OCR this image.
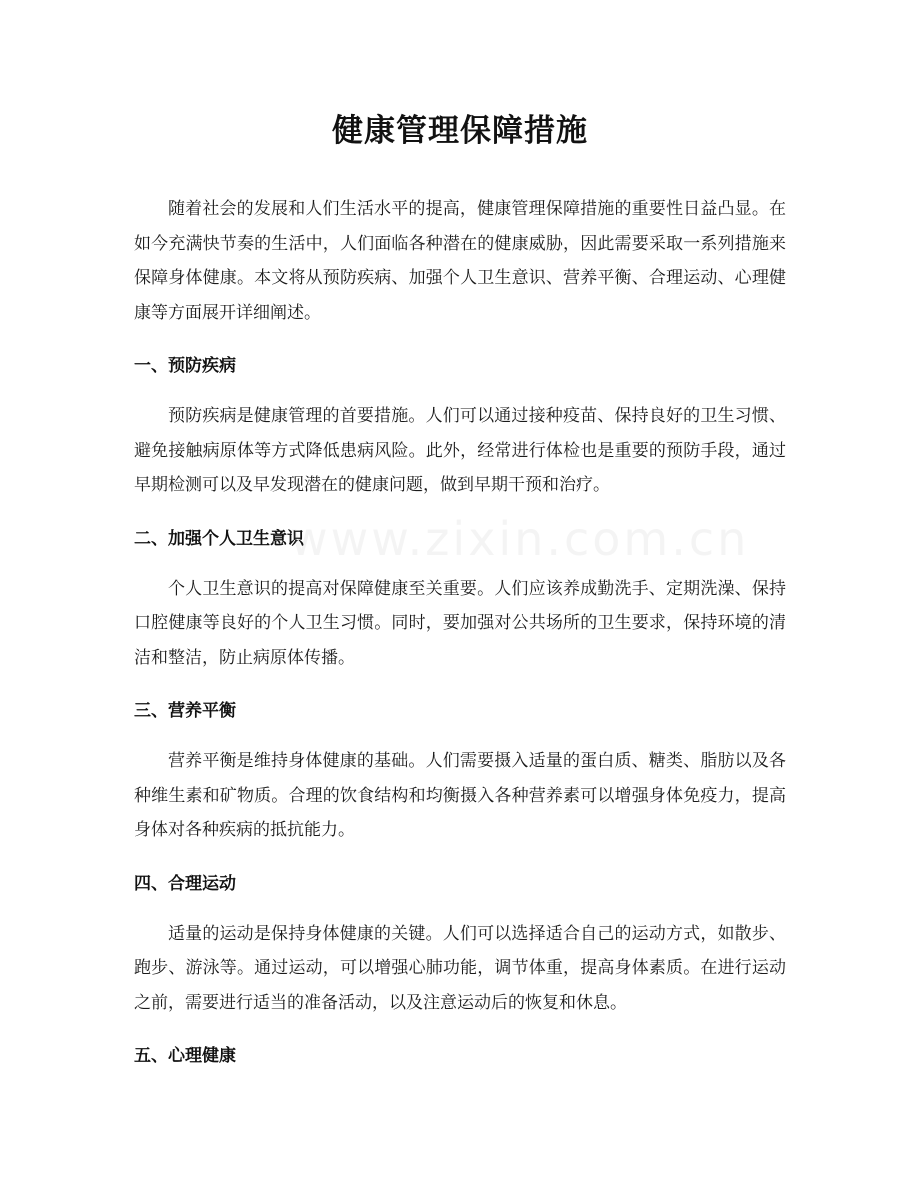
健康管理保障措施

随着社会的发展和人们生活水平的提高，健康管理保障措施的重要性日益凸显。在如今充满快节奏的生活中，人们面临各种潜在的健康威胁，因此需要采取一系列措施来保障身体健康。本文将从预防疾病、加强个人卫生意识、营养平衡、合理运动、心理健康等方面展开详细阐述。

一、预防疾病

预防疾病是健康管理的首要措施。人们可以通过接种疫苗、保持良好的卫生习惯、避免接触病原体等方式降低患病风险。此外，经常进行体检也是重要的预防手段，通过早期检测可以及早发现潜在的健康问题，做到早期干预和治疗。

二、加强个人卫生意识

个人卫生意识的提高对保障健康至关重要。人们应该养成勤洗手、定期洗澡、保持口腔健康等良好的个人卫生习惯。同时，要加强对公共场所的卫生要求，保持环境的清洁和整洁，防止病原体传播。

三、营养平衡

营养平衡是维持身体健康的基础。人们需要摄入适量的蛋白质、糖类、脂肪以及各种维生素和矿物质。合理的饮食结构和均衡摄入各种营养素可以增强身体免疫力，提高身体对各种疾病的抵抗能力。

四、合理运动

适量的运动是保持身体健康的关键。人们可以选择适合自己的运动方式，如散步、跑步、游泳等。通过运动，可以增强心肺功能，调节体重，提高身体素质。在进行运动之前，需要进行适当的准备活动，以及注意运动后的恢复和休息。

五、心理健康
www.zixin.com.cn
